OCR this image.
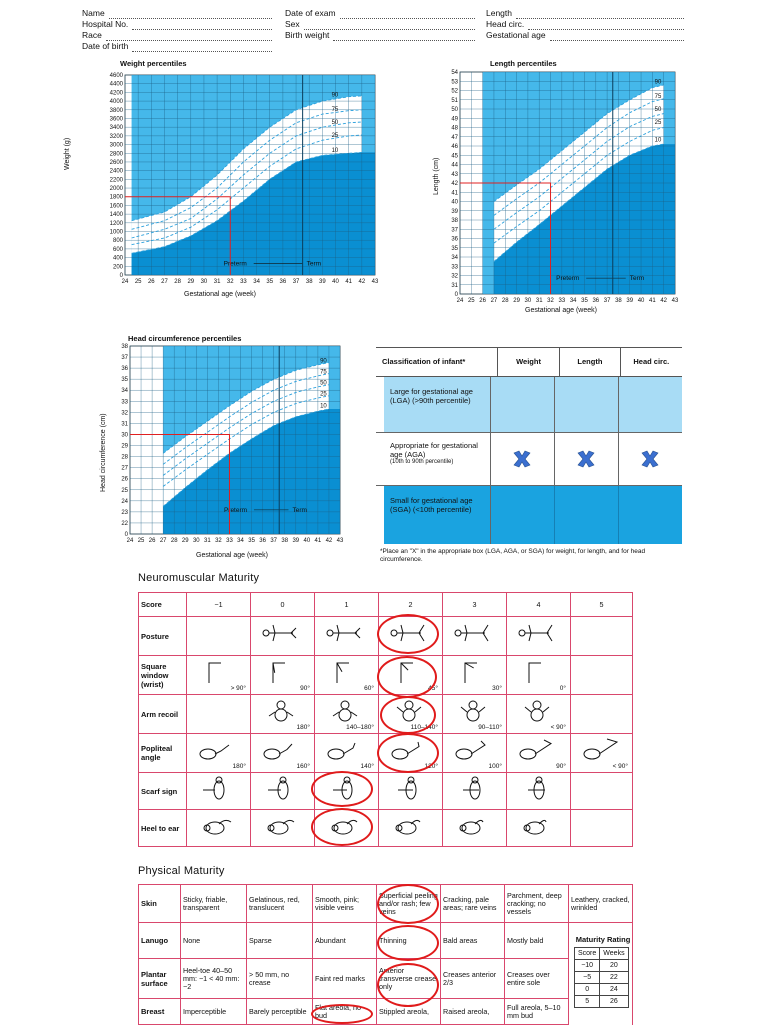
Name
Hospital No.
Race
Date of birth
Date of exam
Sex
Birth weight
Length
Head circ.
Gestational age
Weight percentiles
24 25 26 27 28 29 30 31 32 33 34 35 36 37 38 39 40 41 42 43
4600
4400
4200
4000
3800
3600
3400
3200
3000
2800
2600
2400
2200
2000
1800
1600
1400
1200
1000
800
600
400
200
0
90
75
50
25
10
Preterm	Term
Gestational age (week)
Weight (g)
Length percentiles
24 25 26 27 28 29 30 31 32 33 34 35 36 37 38 39 40 41 42 43
54
53
52
51
50
49
48
47
46
45
44
43
42
41
40
39
38
37
36
35
34
33
32
31
0
90
75
50
25
10
Preterm	Term
Gestational age (week)
Length (cm)
Head circumference percentiles
24 25 26 27 28 29 30 31 32 33 34 35 36 37 38 39 40 41 42 43
38
37
36
35
34
33
32
31
30
29
28
27
26
25
24
23
22
0
90
75
50
25
10
Preterm	Term
Gestational age (week)
Head circumference (cm)
Classification of infant*	Weight	Length	Head circ.
Large for gestational age (LGA) (>90th percentile)
Appropriate for gestational age (AGA)
(10th to 90th percentile)
Small for gestational age (SGA) (<10th percentile)
*Place an "X" in the appropriate box (LGA, AGA, or SGA) for weight, for length, and for head circumference.
Neuromuscular Maturity
Score	−1	0	1	2	3	4	5
Posture	

Square window (wrist)	> 90°	90°	60°	45°	30°	0°	

Arm recoil		180°	140–180°	110–140°	90–110°	< 90°	

Popliteal angle	180°	160°	140°	120°	100°	90°	< 90°

Scarf sign	

Heel to ear	

Physical Maturity
Skin	Sticky, friable, transparent	Gelatinous, red, translucent	Smooth, pink; visible veins	Superficial peeling and/or rash; few veins	Cracking, pale areas; rare veins	Parchment, deep cracking; no vessels	Leathery, cracked, wrinkled
Lanugo	None	Sparse	Abundant	Thinning	Bald areas	Mostly bald	
Plantar surface	Heel-toe 40–50 mm: −1 < 40 mm: −2	> 50 mm, no crease	Faint red marks	Anterior transverse crease only	Creases anterior 2/3	Creases over entire sole	
Breast	Imperceptible	Barely perceptible	Flat areola, no bud	Stippled areola,	Raised areola,	Full areola, 5–10 mm bud	
Maturity Rating
Score	Weeks
−10	20
−5	22
0	24
5	26
